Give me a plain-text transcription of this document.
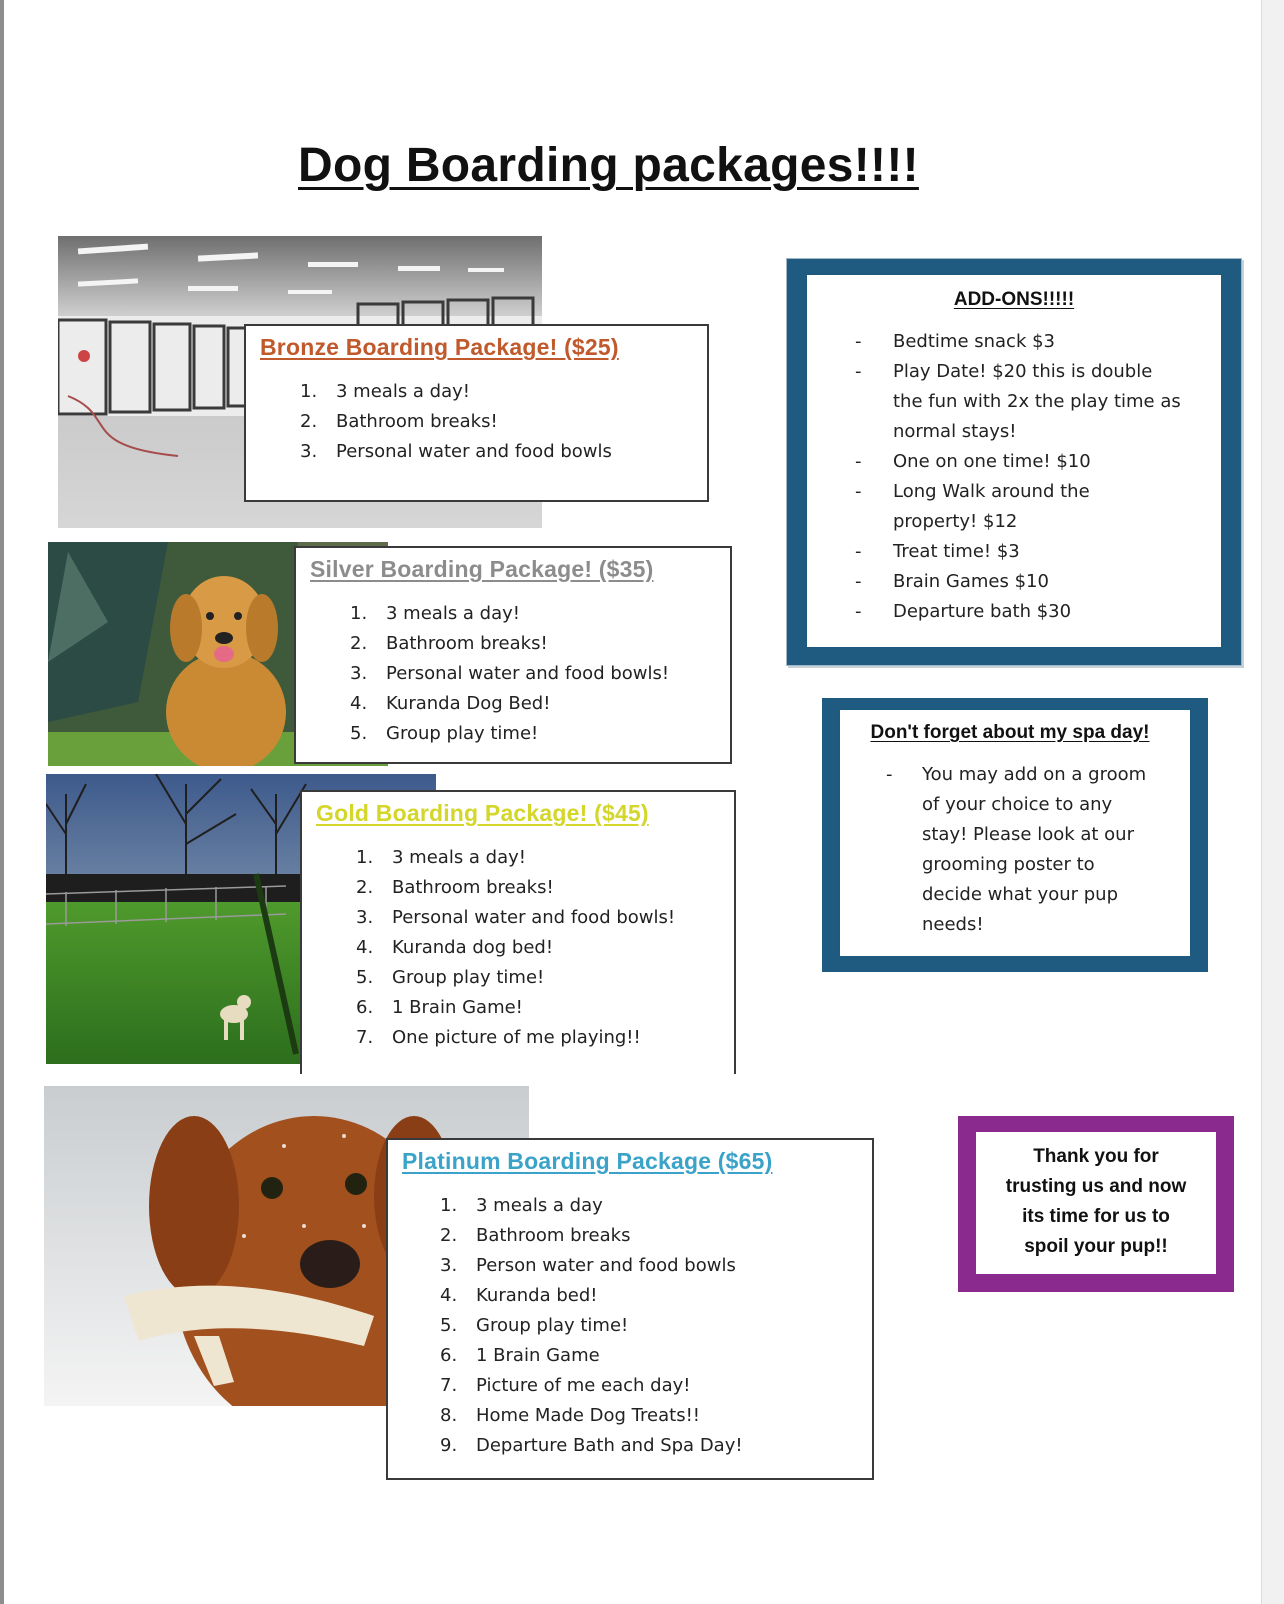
Dog Boarding packages!!!!
Bronze Boarding Package! ($25)
1.	3 meals a day!
2.	Bathroom breaks!
3.	Personal water and food bowls
Silver Boarding Package! ($35)
1.	3 meals a day!
2.	Bathroom breaks!
3.	Personal water and food bowls!
4.	Kuranda Dog Bed!
5.	Group play time!
Gold Boarding Package! ($45)
1.	3 meals a day!
2.	Bathroom breaks!
3.	Personal water and food bowls!
4.	Kuranda dog bed!
5.	Group play time!
6.	1 Brain Game!
7.	One picture of me playing!!
Platinum Boarding Package ($65)
1.	3 meals a day
2.	Bathroom breaks
3.	Person water and food bowls
4.	Kuranda bed!
5.	Group play time!
6.	1 Brain Game
7.	Picture of me each day!
8.	Home Made Dog Treats!!
9.	Departure Bath and Spa Day!
ADD-ONS!!!!!
-	Bedtime snack $3
-	Play Date! $20 this is double
the fun with 2x the play time as
normal stays!
-	One on one time! $10
-	Long Walk around the
property! $12
-	Treat time! $3
-	Brain Games $10
-	Departure bath $30
Don't forget about my spa day!
-	You may add on a groom
of your choice to any
stay! Please look at our
grooming poster to
decide what your pup
needs!
Thank you for
trusting us and now
its time for us to
spoil your pup!!
